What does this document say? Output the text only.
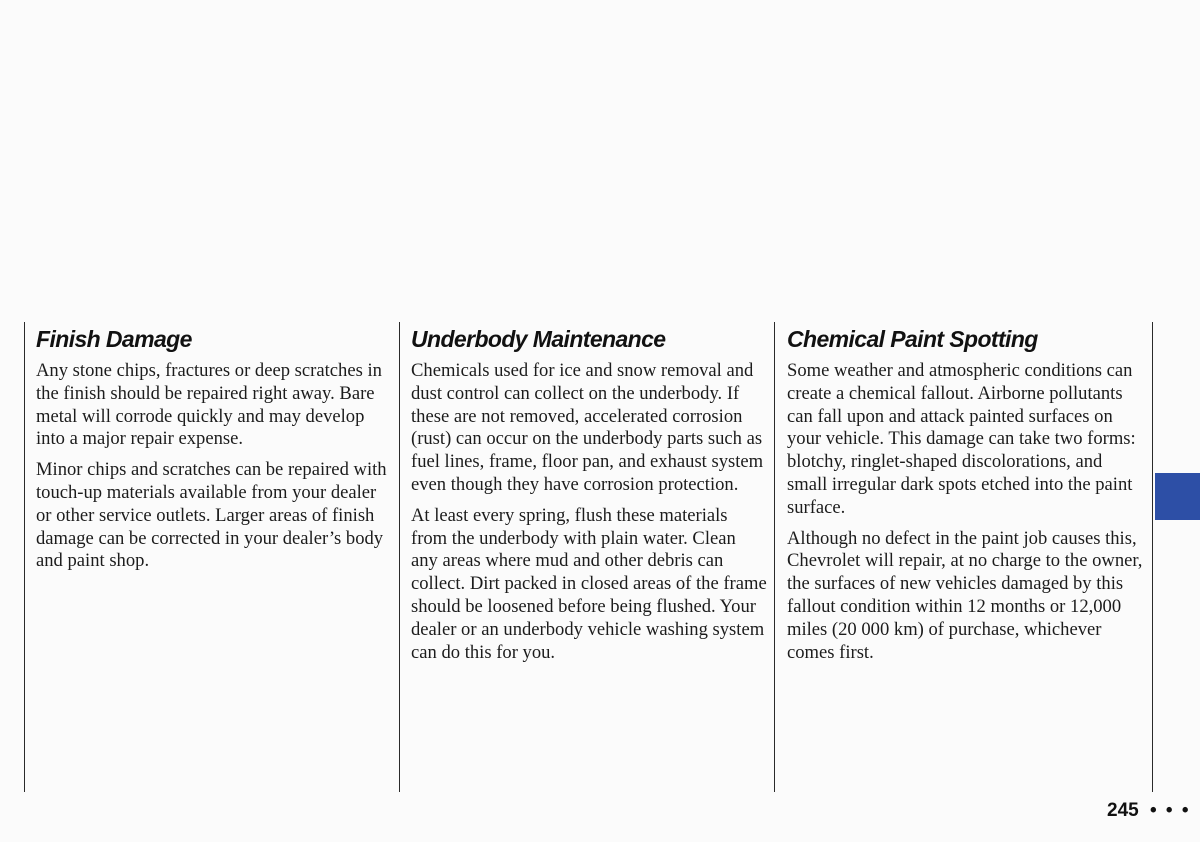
Finish Damage

Any stone chips, fractures or deep scratches in the finish should be repaired right away. Bare metal will corrode quickly and may develop into a major repair expense.

Minor chips and scratches can be repaired with touch-up materials available from your dealer or other service outlets. Larger areas of finish damage can be corrected in your dealer’s body and paint shop.

Underbody Maintenance

Chemicals used for ice and snow removal and dust control can collect on the underbody. If these are not removed, accelerated corrosion (rust) can occur on the underbody parts such as fuel lines, frame, floor pan, and exhaust system even though they have corrosion protection.

At least every spring, flush these materials from the underbody with plain water. Clean any areas where mud and other debris can collect. Dirt packed in closed areas of the frame should be loosened before being flushed. Your dealer or an underbody vehicle washing system can do this for you.

Chemical Paint Spotting

Some weather and atmospheric conditions can create a chemical fallout. Airborne pollutants can fall upon and attack painted surfaces on your vehicle. This damage can take two forms: blotchy, ringlet-shaped discolorations, and small irregular dark spots etched into the paint surface.

Although no defect in the paint job causes this, Chevrolet will repair, at no charge to the owner, the surfaces of new vehicles damaged by this fallout condition within 12 months or 12,000 miles (20 000 km) of purchase, whichever comes first.

245 • • •
